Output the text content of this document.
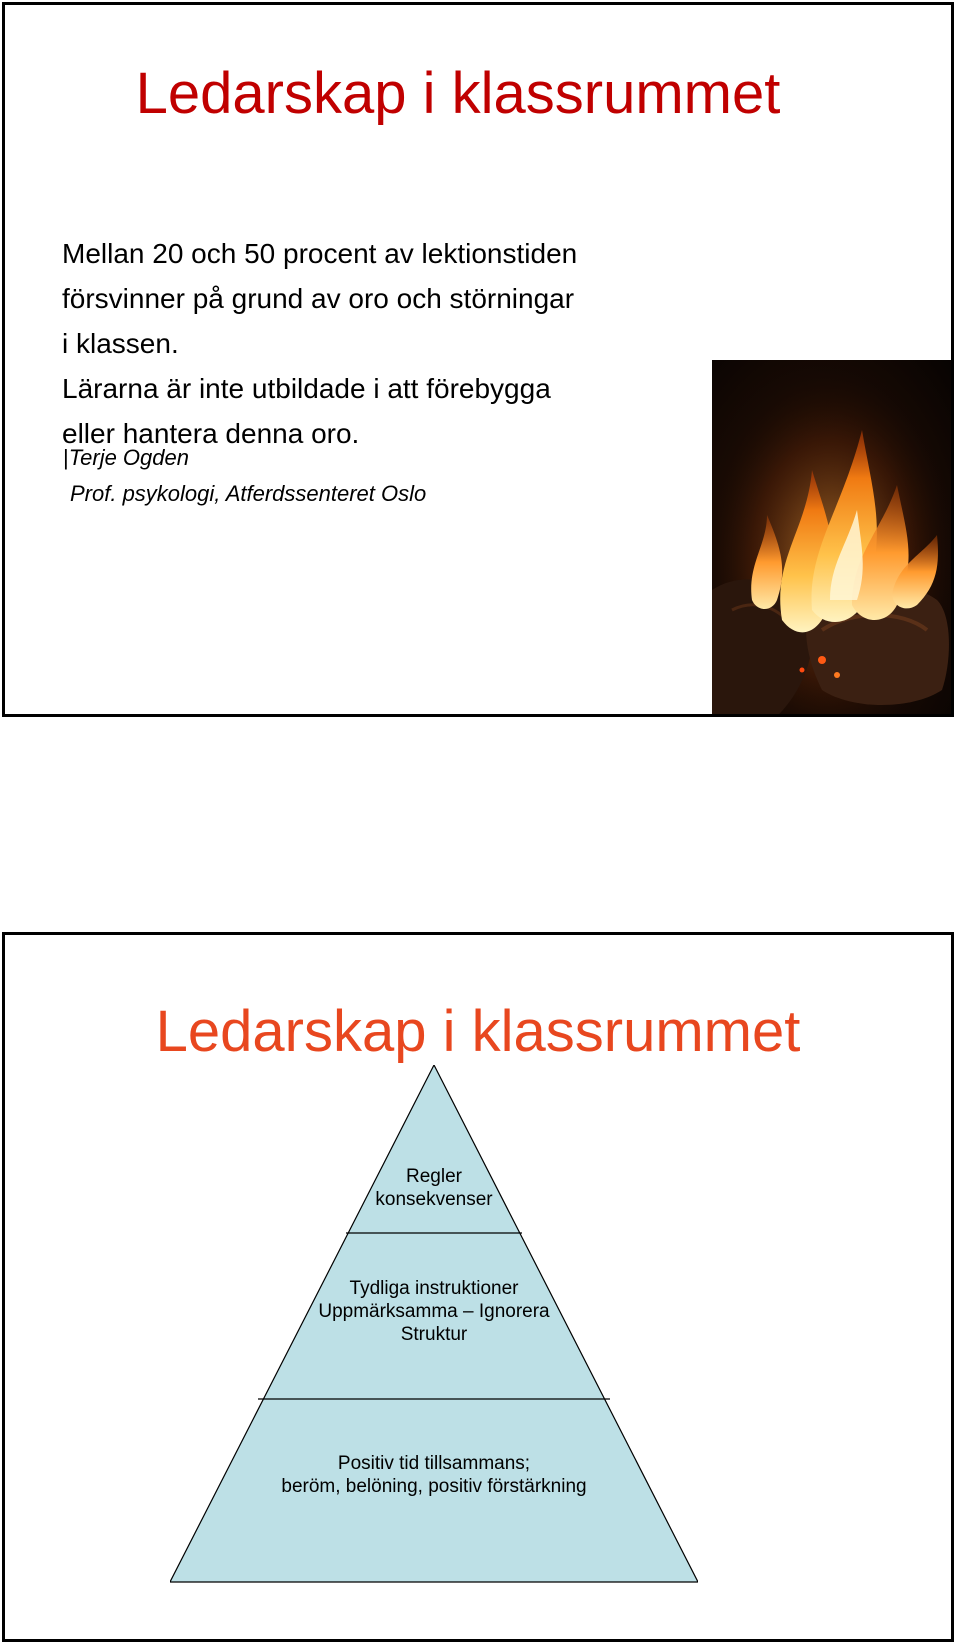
Ledarskap i klassrummet
Mellan 20 och 50 procent av lektionstiden
försvinner på grund av oro och störningar
i klassen.
Lärarna är inte utbildade i att förebygga
eller hantera denna oro.
|Terje Ogden
Prof. psykologi, Atferdssenteret Oslo
Ledarskap i klassrummet
Regler
konsekvenser
Tydliga instruktioner
Uppmärksamma – Ignorera
Struktur
Positiv tid tillsammans;
beröm, belöning, positiv förstärkning
